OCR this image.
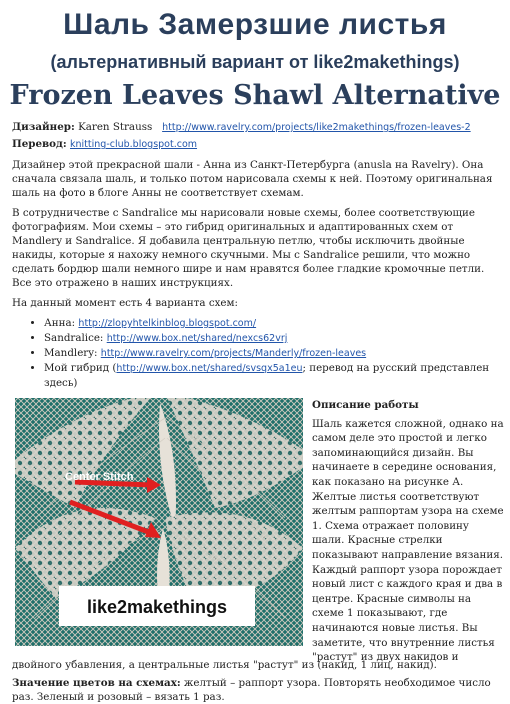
Шаль Замерзшие листья
(альтернативный вариант от like2makethings)
Frozen Leaves Shawl Alternative

Дизайнер: Karen Strauss http://www.ravelry.com/projects/like2makethings/frozen-leaves-2

Перевод: knitting-club.blogspot.com

Дизайнер этой прекрасной шали - Анна из Санкт-Петербурга (anusla на Ravelry). Она сначала связала шаль, и только потом нарисовала схемы к ней. Поэтому оригинальная шаль на фото в блоге Анны не соответствует схемам.

В сотрудничестве с Sandralice мы нарисовали новые схемы, более соответствующие фотографиям. Мои схемы – это гибрид оригинальных и адаптированных схем от Mandlery и Sandralice. Я добавила центральную петлю, чтобы исключить двойные накиды, которые я нахожу немного скучными. Мы с Sandralice решили, что можно сделать бордюр шали немного шире и нам нравятся более гладкие кромочные петли. Все это отражено в наших инструкциях.

На данный момент есть 4 варианта схем:

• Анна: http://zlopyhtelkinblog.blogspot.com/
• Sandralice: http://www.box.net/shared/nexcs62vrj
• Mandlery: http://www.ravelry.com/projects/Manderly/frozen-leaves
• Мой гибрид (http://www.box.net/shared/svsqx5a1eu; перевод на русский представлен здесь)
Center Stitch
like2makethings
Описание работы
Шаль кажется сложной, однако на самом деле это простой и легко запоминающийся дизайн. Вы начинаете в середине основания, как показано на рисунке А. Желтые листья соответствуют желтым раппортам узора на схеме 1. Схема отражает половину шали. Красные стрелки показывают направление вязания. Каждый раппорт узора порождает новый лист с каждого края и два в центре. Красные символы на схеме 1 показывают, где начинаются новые листья. Вы заметите, что внутренние листья "растут" из двух накидов и
двойного убавления, а центральные листья "растут" из (накид, 1 лиц, накид).
Значение цветов на схемах: желтый – раппорт узора. Повторять необходимое число раз. Зеленый и розовый – вязать 1 раз.
